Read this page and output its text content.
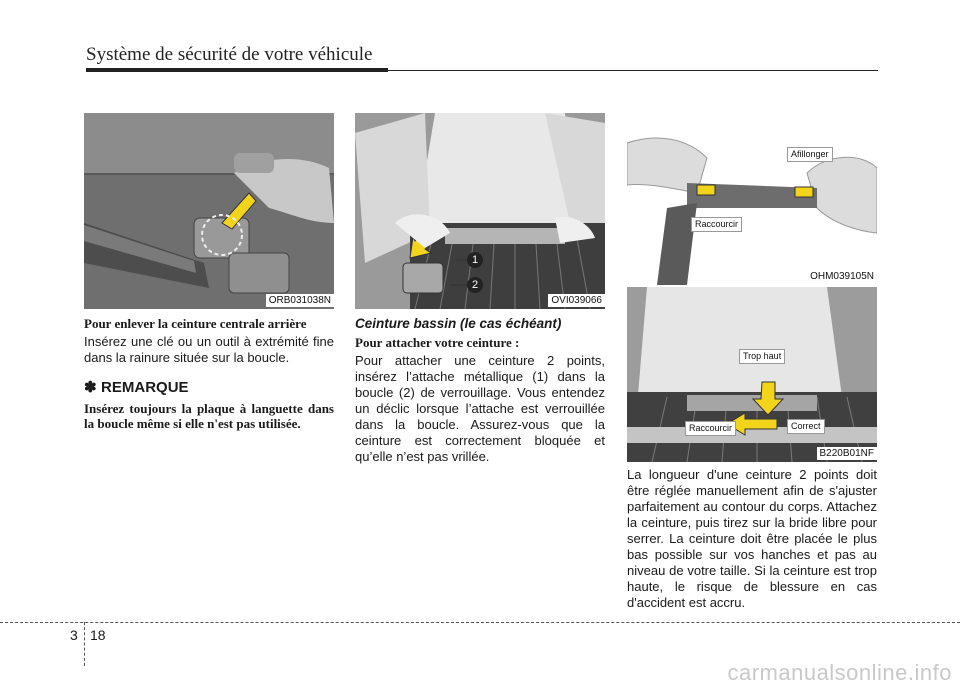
Système de sécurité de votre véhicule
ORB031038N
Pour enlever la ceinture centrale arrière
Insérez une clé ou un outil à extrémité fine dans la rainure située sur la boucle.
✽ REMARQUE
Insérez toujours la plaque à languette dans la boucle même si elle n'est pas utilisée.
1
2
OVI039066
Ceinture bassin (le cas échéant)
Pour attacher votre ceinture :
Pour attacher une ceinture 2 points, insérez l’attache métallique (1) dans la boucle (2) de verrouillage. Vous entendez un déclic lorsque l’attache est verrouillée dans la boucle. Assurez-vous que la ceinture est correctement bloquée et qu’elle n’est pas vrillée.
Afillonger
Raccourcir
OHM039105N
Trop haut
Raccourcir	Correct
B220B01NF
La longueur d'une ceinture 2 points doit être réglée manuellement afin de s'ajuster parfaitement au contour du corps. Attachez la ceinture, puis tirez sur la bride libre pour serrer. La ceinture doit être placée le plus bas possible sur vos hanches et pas au niveau de votre taille. Si la ceinture est trop haute, le risque de blessure en cas d'accident est accru.
3 18
carmanualsonline.info
